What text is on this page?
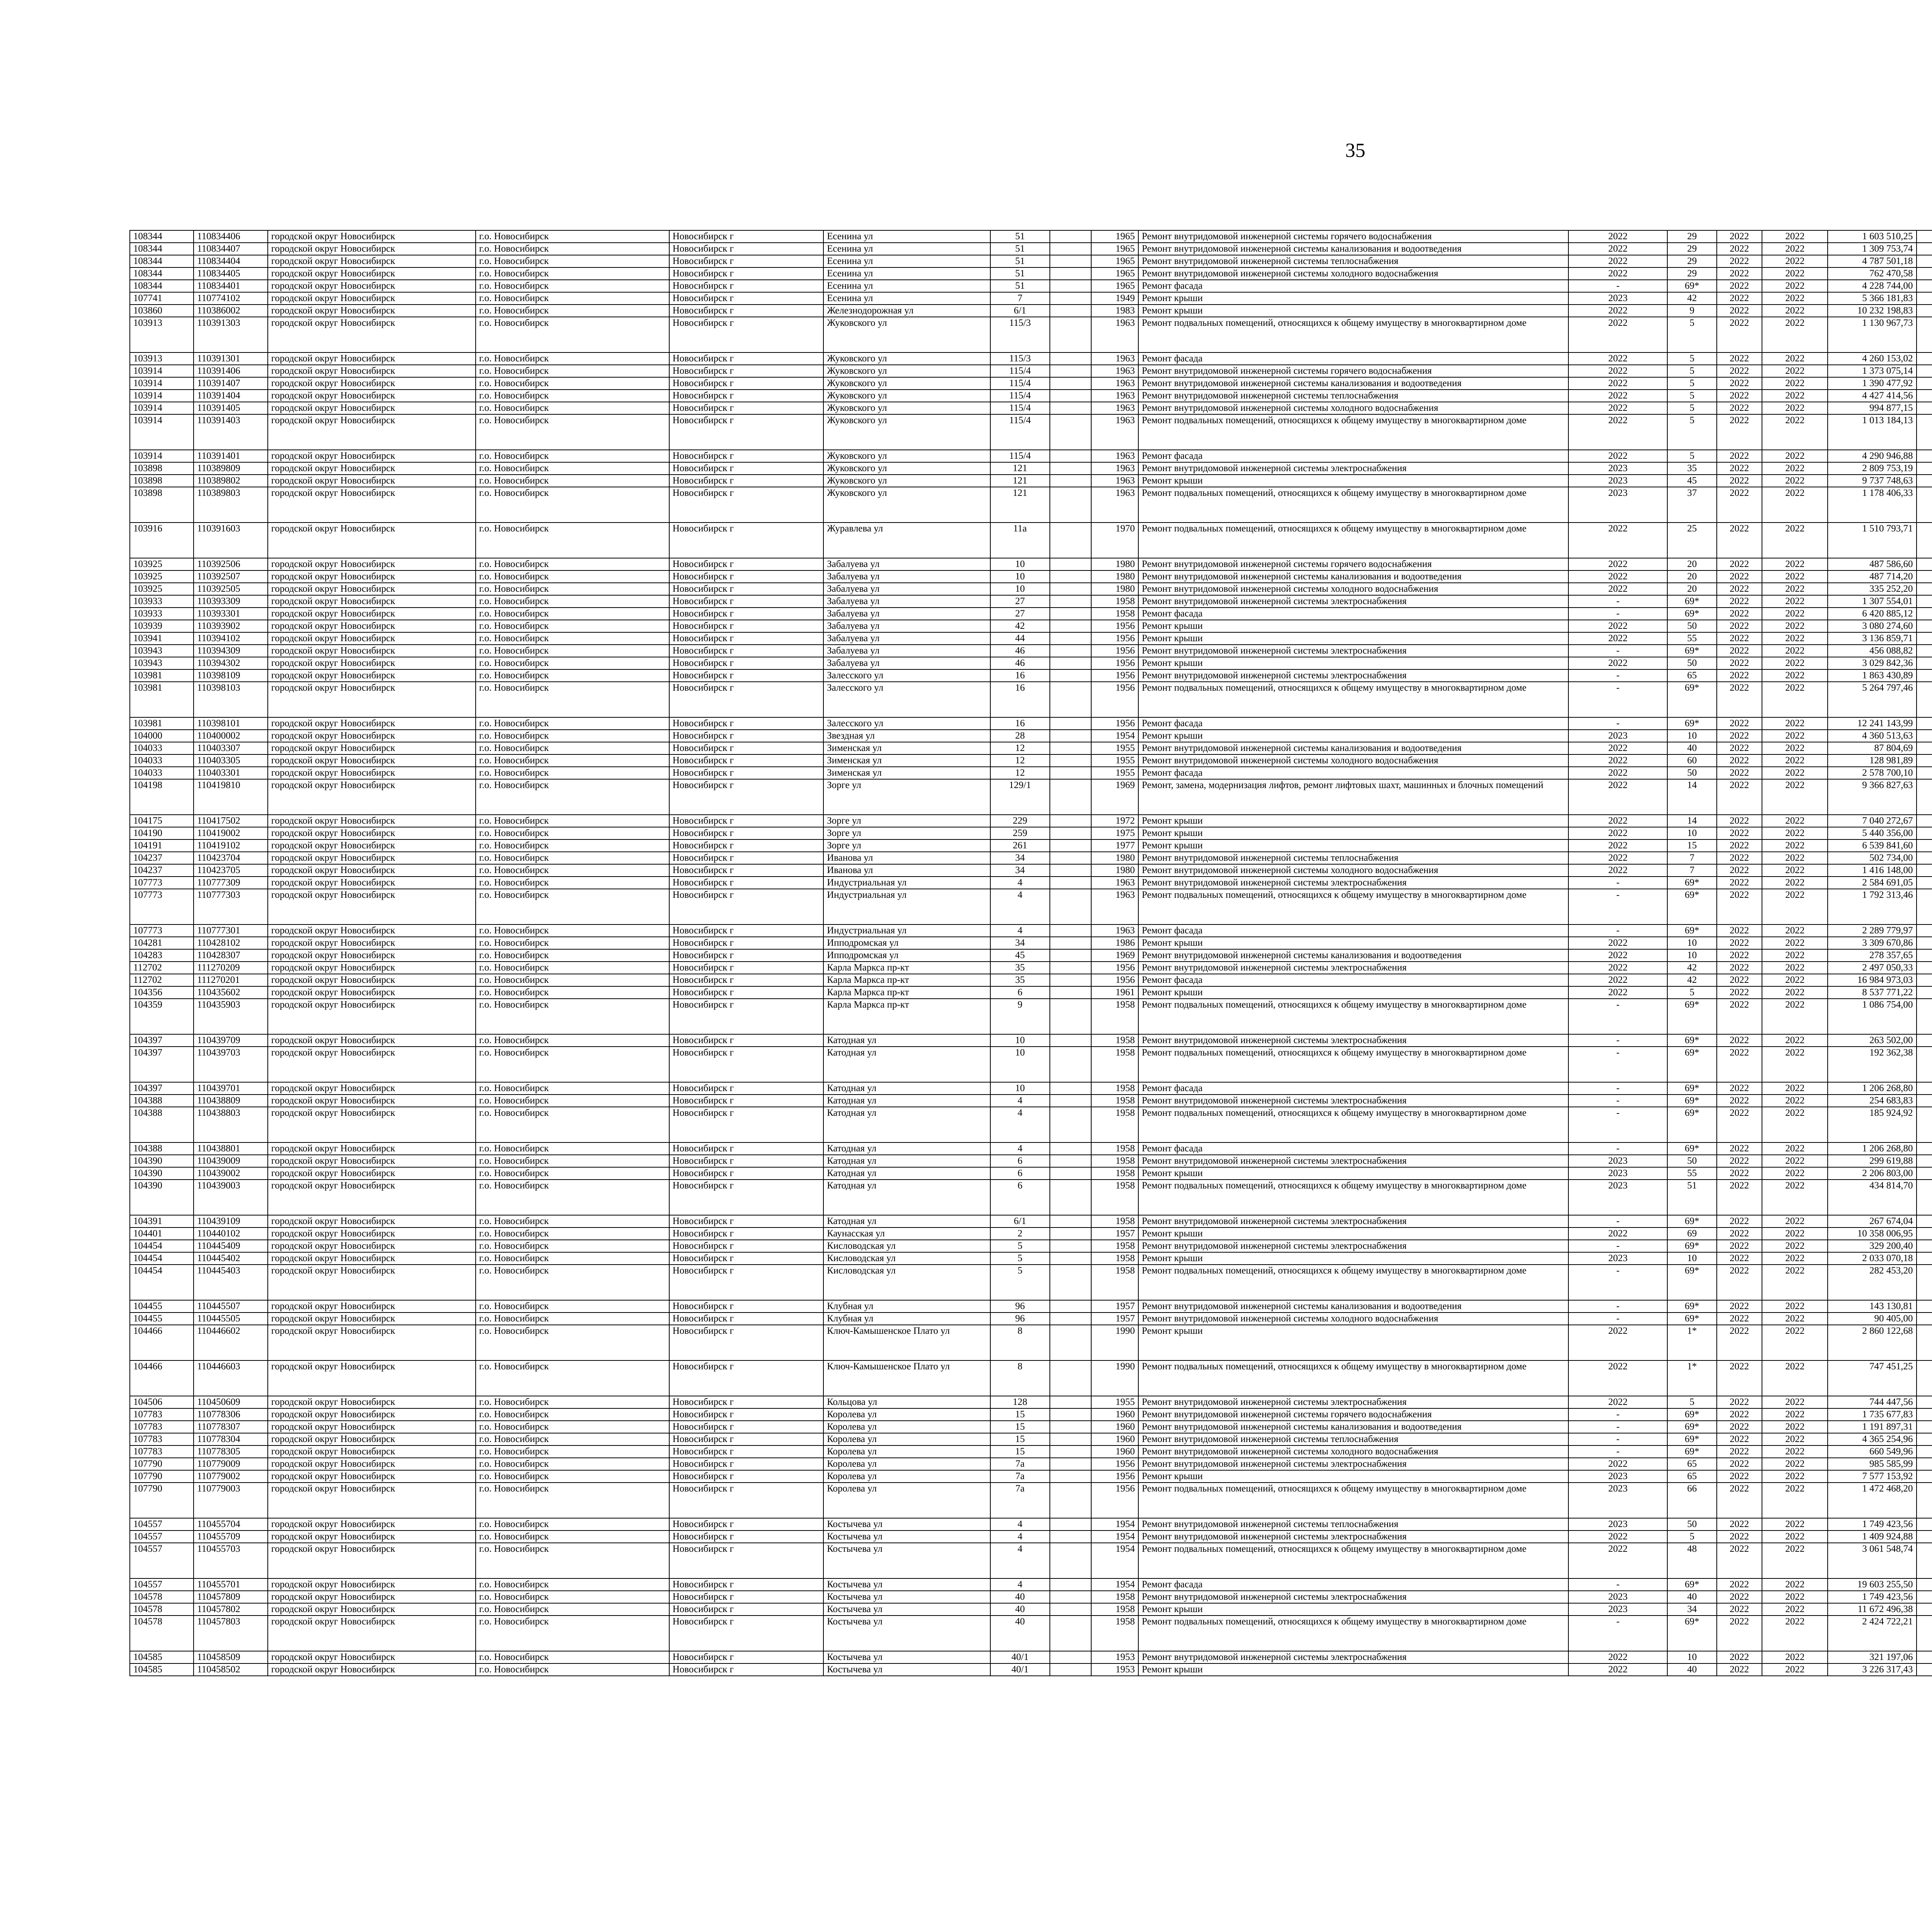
35
108344	110834406	городской округ Новосибирск	г.о. Новосибирск	Новосибирск г	Есенина ул	51		1965	Ремонт внутридомовой инженерной системы горячего водоснабжения	2022	29	2022	2022	1 603 510,25							
108344	110834407	городской округ Новосибирск	г.о. Новосибирск	Новосибирск г	Есенина ул	51		1965	Ремонт внутридомовой инженерной системы канализования и водоотведения	2022	29	2022	2022	1 309 753,74							
108344	110834404	городской округ Новосибирск	г.о. Новосибирск	Новосибирск г	Есенина ул	51		1965	Ремонт внутридомовой инженерной системы теплоснабжения	2022	29	2022	2022	4 787 501,18							
108344	110834405	городской округ Новосибирск	г.о. Новосибирск	Новосибирск г	Есенина ул	51		1965	Ремонт внутридомовой инженерной системы холодного водоснабжения	2022	29	2022	2022	762 470,58							
108344	110834401	городской округ Новосибирск	г.о. Новосибирск	Новосибирск г	Есенина ул	51		1965	Ремонт фасада	-	69*	2022	2022	4 228 744,00							
107741	110774102	городской округ Новосибирск	г.о. Новосибирск	Новосибирск г	Есенина ул	7		1949	Ремонт крыши	2023	42	2022	2022	5 366 181,83							
103860	110386002	городской округ Новосибирск	г.о. Новосибирск	Новосибирск г	Железнодорожная ул	6/1		1983	Ремонт крыши	2022	9	2022	2022	10 232 198,83							
103913	110391303	городской округ Новосибирск	г.о. Новосибирск	Новосибирск г	Жуковского ул	115/3		1963	Ремонт подвальных помещений, относящихся к общему имуществу в многоквартирном доме	2022	5	2022	2022	1 130 967,73							
103913	110391301	городской округ Новосибирск	г.о. Новосибирск	Новосибирск г	Жуковского ул	115/3		1963	Ремонт фасада	2022	5	2022	2022	4 260 153,02							
103914	110391406	городской округ Новосибирск	г.о. Новосибирск	Новосибирск г	Жуковского ул	115/4		1963	Ремонт внутридомовой инженерной системы горячего водоснабжения	2022	5	2022	2022	1 373 075,14							
103914	110391407	городской округ Новосибирск	г.о. Новосибирск	Новосибирск г	Жуковского ул	115/4		1963	Ремонт внутридомовой инженерной системы канализования и водоотведения	2022	5	2022	2022	1 390 477,92							
103914	110391404	городской округ Новосибирск	г.о. Новосибирск	Новосибирск г	Жуковского ул	115/4		1963	Ремонт внутридомовой инженерной системы теплоснабжения	2022	5	2022	2022	4 427 414,56							
103914	110391405	городской округ Новосибирск	г.о. Новосибирск	Новосибирск г	Жуковского ул	115/4		1963	Ремонт внутридомовой инженерной системы холодного водоснабжения	2022	5	2022	2022	994 877,15							
103914	110391403	городской округ Новосибирск	г.о. Новосибирск	Новосибирск г	Жуковского ул	115/4		1963	Ремонт подвальных помещений, относящихся к общему имуществу в многоквартирном доме	2022	5	2022	2022	1 013 184,13							
103914	110391401	городской округ Новосибирск	г.о. Новосибирск	Новосибирск г	Жуковского ул	115/4		1963	Ремонт фасада	2022	5	2022	2022	4 290 946,88							
103898	110389809	городской округ Новосибирск	г.о. Новосибирск	Новосибирск г	Жуковского ул	121		1963	Ремонт внутридомовой инженерной системы электроснабжения	2023	35	2022	2022	2 809 753,19							
103898	110389802	городской округ Новосибирск	г.о. Новосибирск	Новосибирск г	Жуковского ул	121		1963	Ремонт крыши	2023	45	2022	2022	9 737 748,63							
103898	110389803	городской округ Новосибирск	г.о. Новосибирск	Новосибирск г	Жуковского ул	121		1963	Ремонт подвальных помещений, относящихся к общему имуществу в многоквартирном доме	2023	37	2022	2022	1 178 406,33							
103916	110391603	городской округ Новосибирск	г.о. Новосибирск	Новосибирск г	Журавлева ул	11а		1970	Ремонт подвальных помещений, относящихся к общему имуществу в многоквартирном доме	2022	25	2022	2022	1 510 793,71							
103925	110392506	городской округ Новосибирск	г.о. Новосибирск	Новосибирск г	Забалуева ул	10		1980	Ремонт внутридомовой инженерной системы горячего водоснабжения	2022	20	2022	2022	487 586,60							
103925	110392507	городской округ Новосибирск	г.о. Новосибирск	Новосибирск г	Забалуева ул	10		1980	Ремонт внутридомовой инженерной системы канализования и водоотведения	2022	20	2022	2022	487 714,20							
103925	110392505	городской округ Новосибирск	г.о. Новосибирск	Новосибирск г	Забалуева ул	10		1980	Ремонт внутридомовой инженерной системы холодного водоснабжения	2022	20	2022	2022	335 252,20							
103933	110393309	городской округ Новосибирск	г.о. Новосибирск	Новосибирск г	Забалуева ул	27		1958	Ремонт внутридомовой инженерной системы электроснабжения	-	69*	2022	2022	1 307 554,01							
103933	110393301	городской округ Новосибирск	г.о. Новосибирск	Новосибирск г	Забалуева ул	27		1958	Ремонт фасада	-	69*	2022	2022	6 420 885,12							
103939	110393902	городской округ Новосибирск	г.о. Новосибирск	Новосибирск г	Забалуева ул	42		1956	Ремонт крыши	2022	50	2022	2022	3 080 274,60							
103941	110394102	городской округ Новосибирск	г.о. Новосибирск	Новосибирск г	Забалуева ул	44		1956	Ремонт крыши	2022	55	2022	2022	3 136 859,71							
103943	110394309	городской округ Новосибирск	г.о. Новосибирск	Новосибирск г	Забалуева ул	46		1956	Ремонт внутридомовой инженерной системы электроснабжения	-	69*	2022	2022	456 088,82							
103943	110394302	городской округ Новосибирск	г.о. Новосибирск	Новосибирск г	Забалуева ул	46		1956	Ремонт крыши	2022	50	2022	2022	3 029 842,36							
103981	110398109	городской округ Новосибирск	г.о. Новосибирск	Новосибирск г	Залесского ул	16		1956	Ремонт внутридомовой инженерной системы электроснабжения	-	65	2022	2022	1 863 430,89							
103981	110398103	городской округ Новосибирск	г.о. Новосибирск	Новосибирск г	Залесского ул	16		1956	Ремонт подвальных помещений, относящихся к общему имуществу в многоквартирном доме	-	69*	2022	2022	5 264 797,46							
103981	110398101	городской округ Новосибирск	г.о. Новосибирск	Новосибирск г	Залесского ул	16		1956	Ремонт фасада	-	69*	2022	2022	12 241 143,99							
104000	110400002	городской округ Новосибирск	г.о. Новосибирск	Новосибирск г	Звездная ул	28		1954	Ремонт крыши	2023	10	2022	2022	4 360 513,63							
104033	110403307	городской округ Новосибирск	г.о. Новосибирск	Новосибирск г	Зименская ул	12		1955	Ремонт внутридомовой инженерной системы канализования и водоотведения	2022	40	2022	2022	87 804,69							
104033	110403305	городской округ Новосибирск	г.о. Новосибирск	Новосибирск г	Зименская ул	12		1955	Ремонт внутридомовой инженерной системы холодного водоснабжения	2022	60	2022	2022	128 981,89							
104033	110403301	городской округ Новосибирск	г.о. Новосибирск	Новосибирск г	Зименская ул	12		1955	Ремонт фасада	2022	50	2022	2022	2 578 700,10							
104198	110419810	городской округ Новосибирск	г.о. Новосибирск	Новосибирск г	Зорге ул	129/1		1969	Ремонт, замена, модернизация лифтов, ремонт лифтовых шахт, машинных и блочных помещений	2022	14	2022	2022	9 366 827,63							
104175	110417502	городской округ Новосибирск	г.о. Новосибирск	Новосибирск г	Зорге ул	229		1972	Ремонт крыши	2022	14	2022	2022	7 040 272,67							
104190	110419002	городской округ Новосибирск	г.о. Новосибирск	Новосибирск г	Зорге ул	259		1975	Ремонт крыши	2022	10	2022	2022	5 440 356,00							
104191	110419102	городской округ Новосибирск	г.о. Новосибирск	Новосибирск г	Зорге ул	261		1977	Ремонт крыши	2022	15	2022	2022	6 539 841,60							
104237	110423704	городской округ Новосибирск	г.о. Новосибирск	Новосибирск г	Иванова ул	34		1980	Ремонт внутридомовой инженерной системы теплоснабжения	2022	7	2022	2022	502 734,00							
104237	110423705	городской округ Новосибирск	г.о. Новосибирск	Новосибирск г	Иванова ул	34		1980	Ремонт внутридомовой инженерной системы холодного водоснабжения	2022	7	2022	2022	1 416 148,00							
107773	110777309	городской округ Новосибирск	г.о. Новосибирск	Новосибирск г	Индустриальная ул	4		1963	Ремонт внутридомовой инженерной системы электроснабжения	-	69*	2022	2022	2 584 691,05							
107773	110777303	городской округ Новосибирск	г.о. Новосибирск	Новосибирск г	Индустриальная ул	4		1963	Ремонт подвальных помещений, относящихся к общему имуществу в многоквартирном доме	-	69*	2022	2022	1 792 313,46							
107773	110777301	городской округ Новосибирск	г.о. Новосибирск	Новосибирск г	Индустриальная ул	4		1963	Ремонт фасада	-	69*	2022	2022	2 289 779,97							
104281	110428102	городской округ Новосибирск	г.о. Новосибирск	Новосибирск г	Ипподромская ул	34		1986	Ремонт крыши	2022	10	2022	2022	3 309 670,86							
104283	110428307	городской округ Новосибирск	г.о. Новосибирск	Новосибирск г	Ипподромская ул	45		1969	Ремонт внутридомовой инженерной системы канализования и водоотведения	2022	10	2022	2022	278 357,65							
112702	111270209	городской округ Новосибирск	г.о. Новосибирск	Новосибирск г	Карла Маркса пр-кт	35		1956	Ремонт внутридомовой инженерной системы электроснабжения	2022	42	2022	2022	2 497 050,33							
112702	111270201	городской округ Новосибирск	г.о. Новосибирск	Новосибирск г	Карла Маркса пр-кт	35		1956	Ремонт фасада	2022	42	2022	2022	16 984 973,03							
104356	110435602	городской округ Новосибирск	г.о. Новосибирск	Новосибирск г	Карла Маркса пр-кт	6		1961	Ремонт крыши	2022	5	2022	2022	8 537 771,22							
104359	110435903	городской округ Новосибирск	г.о. Новосибирск	Новосибирск г	Карла Маркса пр-кт	9		1958	Ремонт подвальных помещений, относящихся к общему имуществу в многоквартирном доме	-	69*	2022	2022	1 086 754,00							
104397	110439709	городской округ Новосибирск	г.о. Новосибирск	Новосибирск г	Катодная ул	10		1958	Ремонт внутридомовой инженерной системы электроснабжения	-	69*	2022	2022	263 502,00							
104397	110439703	городской округ Новосибирск	г.о. Новосибирск	Новосибирск г	Катодная ул	10		1958	Ремонт подвальных помещений, относящихся к общему имуществу в многоквартирном доме	-	69*	2022	2022	192 362,38							
104397	110439701	городской округ Новосибирск	г.о. Новосибирск	Новосибирск г	Катодная ул	10		1958	Ремонт фасада	-	69*	2022	2022	1 206 268,80							
104388	110438809	городской округ Новосибирск	г.о. Новосибирск	Новосибирск г	Катодная ул	4		1958	Ремонт внутридомовой инженерной системы электроснабжения	-	69*	2022	2022	254 683,83							
104388	110438803	городской округ Новосибирск	г.о. Новосибирск	Новосибирск г	Катодная ул	4		1958	Ремонт подвальных помещений, относящихся к общему имуществу в многоквартирном доме	-	69*	2022	2022	185 924,92							
104388	110438801	городской округ Новосибирск	г.о. Новосибирск	Новосибирск г	Катодная ул	4		1958	Ремонт фасада	-	69*	2022	2022	1 206 268,80							
104390	110439009	городской округ Новосибирск	г.о. Новосибирск	Новосибирск г	Катодная ул	6		1958	Ремонт внутридомовой инженерной системы электроснабжения	2023	50	2022	2022	299 619,88							
104390	110439002	городской округ Новосибирск	г.о. Новосибирск	Новосибирск г	Катодная ул	6		1958	Ремонт крыши	2023	55	2022	2022	2 206 803,00							
104390	110439003	городской округ Новосибирск	г.о. Новосибирск	Новосибирск г	Катодная ул	6		1958	Ремонт подвальных помещений, относящихся к общему имуществу в многоквартирном доме	2023	51	2022	2022	434 814,70							
104391	110439109	городской округ Новосибирск	г.о. Новосибирск	Новосибирск г	Катодная ул	6/1		1958	Ремонт внутридомовой инженерной системы электроснабжения	-	69*	2022	2022	267 674,04							
104401	110440102	городской округ Новосибирск	г.о. Новосибирск	Новосибирск г	Каунасская ул	2		1957	Ремонт крыши	2022	69	2022	2022	10 358 006,95							
104454	110445409	городской округ Новосибирск	г.о. Новосибирск	Новосибирск г	Кисловодская ул	5		1958	Ремонт внутридомовой инженерной системы электроснабжения	-	69*	2022	2022	329 200,40							
104454	110445402	городской округ Новосибирск	г.о. Новосибирск	Новосибирск г	Кисловодская ул	5		1958	Ремонт крыши	2023	10	2022	2022	2 033 070,18							
104454	110445403	городской округ Новосибирск	г.о. Новосибирск	Новосибирск г	Кисловодская ул	5		1958	Ремонт подвальных помещений, относящихся к общему имуществу в многоквартирном доме	-	69*	2022	2022	282 453,20							
104455	110445507	городской округ Новосибирск	г.о. Новосибирск	Новосибирск г	Клубная ул	96		1957	Ремонт внутридомовой инженерной системы канализования и водоотведения	-	69*	2022	2022	143 130,81							
104455	110445505	городской округ Новосибирск	г.о. Новосибирск	Новосибирск г	Клубная ул	96		1957	Ремонт внутридомовой инженерной системы холодного водоснабжения	-	69*	2022	2022	90 405,00							
104466	110446602	городской округ Новосибирск	г.о. Новосибирск	Новосибирск г	Ключ-Камышенское Плато ул	8		1990	Ремонт крыши	2022	1*	2022	2022	2 860 122,68							
104466	110446603	городской округ Новосибирск	г.о. Новосибирск	Новосибирск г	Ключ-Камышенское Плато ул	8		1990	Ремонт подвальных помещений, относящихся к общему имуществу в многоквартирном доме	2022	1*	2022	2022	747 451,25							
104506	110450609	городской округ Новосибирск	г.о. Новосибирск	Новосибирск г	Кольцова ул	128		1955	Ремонт внутридомовой инженерной системы электроснабжения	2022	5	2022	2022	744 447,56							
107783	110778306	городской округ Новосибирск	г.о. Новосибирск	Новосибирск г	Королева ул	15		1960	Ремонт внутридомовой инженерной системы горячего водоснабжения	-	69*	2022	2022	1 735 677,83							
107783	110778307	городской округ Новосибирск	г.о. Новосибирск	Новосибирск г	Королева ул	15		1960	Ремонт внутридомовой инженерной системы канализования и водоотведения	-	69*	2022	2022	1 191 897,31							
107783	110778304	городской округ Новосибирск	г.о. Новосибирск	Новосибирск г	Королева ул	15		1960	Ремонт внутридомовой инженерной системы теплоснабжения	-	69*	2022	2022	4 365 254,96							
107783	110778305	городской округ Новосибирск	г.о. Новосибирск	Новосибирск г	Королева ул	15		1960	Ремонт внутридомовой инженерной системы холодного водоснабжения	-	69*	2022	2022	660 549,96							
107790	110779009	городской округ Новосибирск	г.о. Новосибирск	Новосибирск г	Королева ул	7а		1956	Ремонт внутридомовой инженерной системы электроснабжения	2022	65	2022	2022	985 585,99							
107790	110779002	городской округ Новосибирск	г.о. Новосибирск	Новосибирск г	Королева ул	7а		1956	Ремонт крыши	2023	65	2022	2022	7 577 153,92							
107790	110779003	городской округ Новосибирск	г.о. Новосибирск	Новосибирск г	Королева ул	7а		1956	Ремонт подвальных помещений, относящихся к общему имуществу в многоквартирном доме	2023	66	2022	2022	1 472 468,20							
104557	110455704	городской округ Новосибирск	г.о. Новосибирск	Новосибирск г	Костычева ул	4		1954	Ремонт внутридомовой инженерной системы теплоснабжения	2023	50	2022	2022	1 749 423,56							
104557	110455709	городской округ Новосибирск	г.о. Новосибирск	Новосибирск г	Костычева ул	4		1954	Ремонт внутридомовой инженерной системы электроснабжения	2022	5	2022	2022	1 409 924,88							
104557	110455703	городской округ Новосибирск	г.о. Новосибирск	Новосибирск г	Костычева ул	4		1954	Ремонт подвальных помещений, относящихся к общему имуществу в многоквартирном доме	2022	48	2022	2022	3 061 548,74							
104557	110455701	городской округ Новосибирск	г.о. Новосибирск	Новосибирск г	Костычева ул	4		1954	Ремонт фасада	-	69*	2022	2022	19 603 255,50							
104578	110457809	городской округ Новосибирск	г.о. Новосибирск	Новосибирск г	Костычева ул	40		1958	Ремонт внутридомовой инженерной системы электроснабжения	2023	40	2022	2022	1 749 423,56							
104578	110457802	городской округ Новосибирск	г.о. Новосибирск	Новосибирск г	Костычева ул	40		1958	Ремонт крыши	2023	34	2022	2022	11 672 496,38							
104578	110457803	городской округ Новосибирск	г.о. Новосибирск	Новосибирск г	Костычева ул	40		1958	Ремонт подвальных помещений, относящихся к общему имуществу в многоквартирном доме	-	69*	2022	2022	2 424 722,21							
104585	110458509	городской округ Новосибирск	г.о. Новосибирск	Новосибирск г	Костычева ул	40/1		1953	Ремонт внутридомовой инженерной системы электроснабжения	2022	10	2022	2022	321 197,06							
104585	110458502	городской округ Новосибирск	г.о. Новосибирск	Новосибирск г	Костычева ул	40/1		1953	Ремонт крыши	2022	40	2022	2022	3 226 317,43							
